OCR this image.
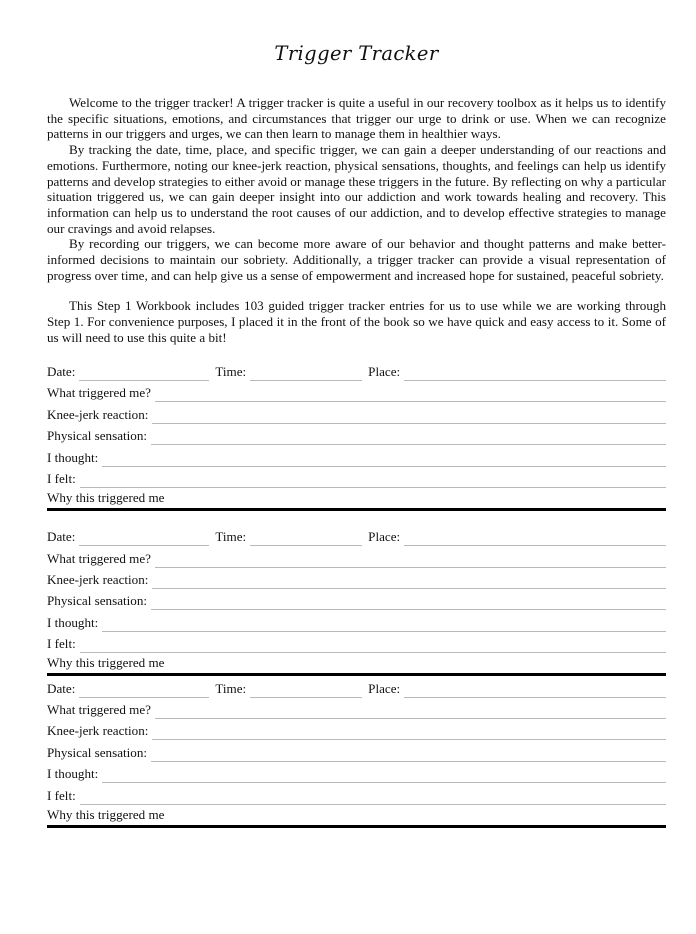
Trigger Tracker

Welcome to the trigger tracker! A trigger tracker is quite a useful in our recovery toolbox as it helps us to identify the specific situations, emotions, and circumstances that trigger our urge to drink or use. When we can recognize patterns in our triggers and urges, we can then learn to manage them in healthier ways.

By tracking the date, time, place, and specific trigger, we can gain a deeper understanding of our reactions and emotions. Furthermore, noting our knee-jerk reaction, physical sensations, thoughts, and feelings can help us identify patterns and develop strategies to either avoid or manage these triggers in the future. By reflecting on why a particular situation triggered us, we can gain deeper insight into our addiction and work towards healing and recovery. This information can help us to understand the root causes of our addiction, and to develop effective strategies to manage our cravings and avoid relapses.

By recording our triggers, we can become more aware of our behavior and thought patterns and make better-informed decisions to maintain our sobriety. Additionally, a trigger tracker can provide a visual representation of progress over time, and can help give us a sense of empowerment and increased hope for sustained, peaceful sobriety.

This Step 1 Workbook includes 103 guided trigger tracker entries for us to use while we are working through Step 1. For convenience purposes, I placed it in the front of the book so we have quick and easy access to it. Some of us will need to use this quite a bit!

Date:	Time:	Place:
What triggered me?
Knee-jerk reaction:
Physical sensation:
I thought:
I felt:
Why this triggered me
Date:	Time:	Place:
What triggered me?
Knee-jerk reaction:
Physical sensation:
I thought:
I felt:
Why this triggered me
Date:	Time:	Place:
What triggered me?
Knee-jerk reaction:
Physical sensation:
I thought:
I felt:
Why this triggered me
